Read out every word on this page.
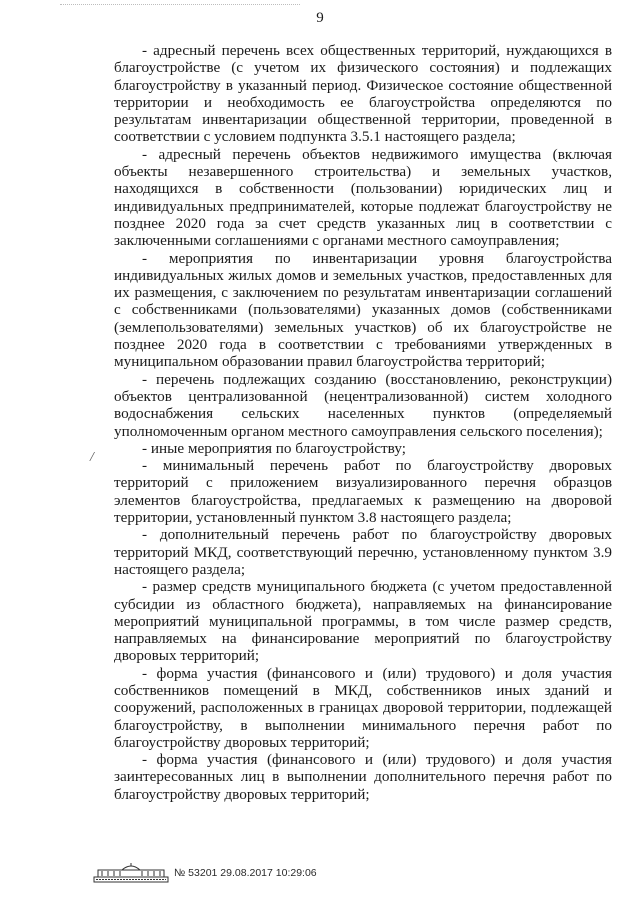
9
/

- адресный перечень всех общественных территорий, нуждающихся в благоустройстве (с учетом их физического состояния) и подлежащих благоустройству в указанный период. Физическое состояние общественной территории и необходимость ее благоустройства определяются по результатам инвентаризации общественной территории, проведенной в соответствии с условием подпункта 3.5.1 настоящего раздела;

- адресный перечень объектов недвижимого имущества (включая объекты незавершенного строительства) и земельных участков, находящихся в собственности (пользовании) юридических лиц и индивидуальных предпринимателей, которые подлежат благоустройству не позднее 2020 года за счет средств указанных лиц в соответствии с заключенными соглашениями с органами местного самоуправления;

- мероприятия по инвентаризации уровня благоустройства индивидуальных жилых домов и земельных участков, предоставленных для их размещения, с заключением по результатам инвентаризации соглашений с собственниками (пользователями) указанных домов (собственниками (землепользователями) земельных участков) об их благоустройстве не позднее 2020 года в соответствии с требованиями утвержденных в муниципальном образовании правил благоустройства территорий;

- перечень подлежащих созданию (восстановлению, реконструкции) объектов централизованной (нецентрализованной) систем холодного водоснабжения сельских населенных пунктов (определяемый уполномоченным органом местного самоуправления сельского поселения);

- иные мероприятия по благоустройству;

- минимальный перечень работ по благоустройству дворовых территорий с приложением визуализированного перечня образцов элементов благоустройства, предлагаемых к размещению на дворовой территории, установленный пунктом 3.8 настоящего раздела;

- дополнительный перечень работ по благоустройству дворовых территорий МКД, соответствующий перечню, установленному пунктом 3.9 настоящего раздела;

- размер средств муниципального бюджета (с учетом предоставленной субсидии из областного бюджета), направляемых на финансирование мероприятий муниципальной программы, в том числе размер средств, направляемых на финансирование мероприятий по благоустройству дворовых территорий;

- форма участия (финансового и (или) трудового) и доля участия собственников помещений в МКД, собственников иных зданий и сооружений, расположенных в границах дворовой территории, подлежащей благоустройству, в выполнении минимального перечня работ по благоустройству дворовых территорий;

- форма участия (финансового и (или) трудового) и доля участия заинтересованных лиц в выполнении дополнительного перечня работ по благоустройству дворовых территорий;

№ 53201 29.08.2017 10:29:06
